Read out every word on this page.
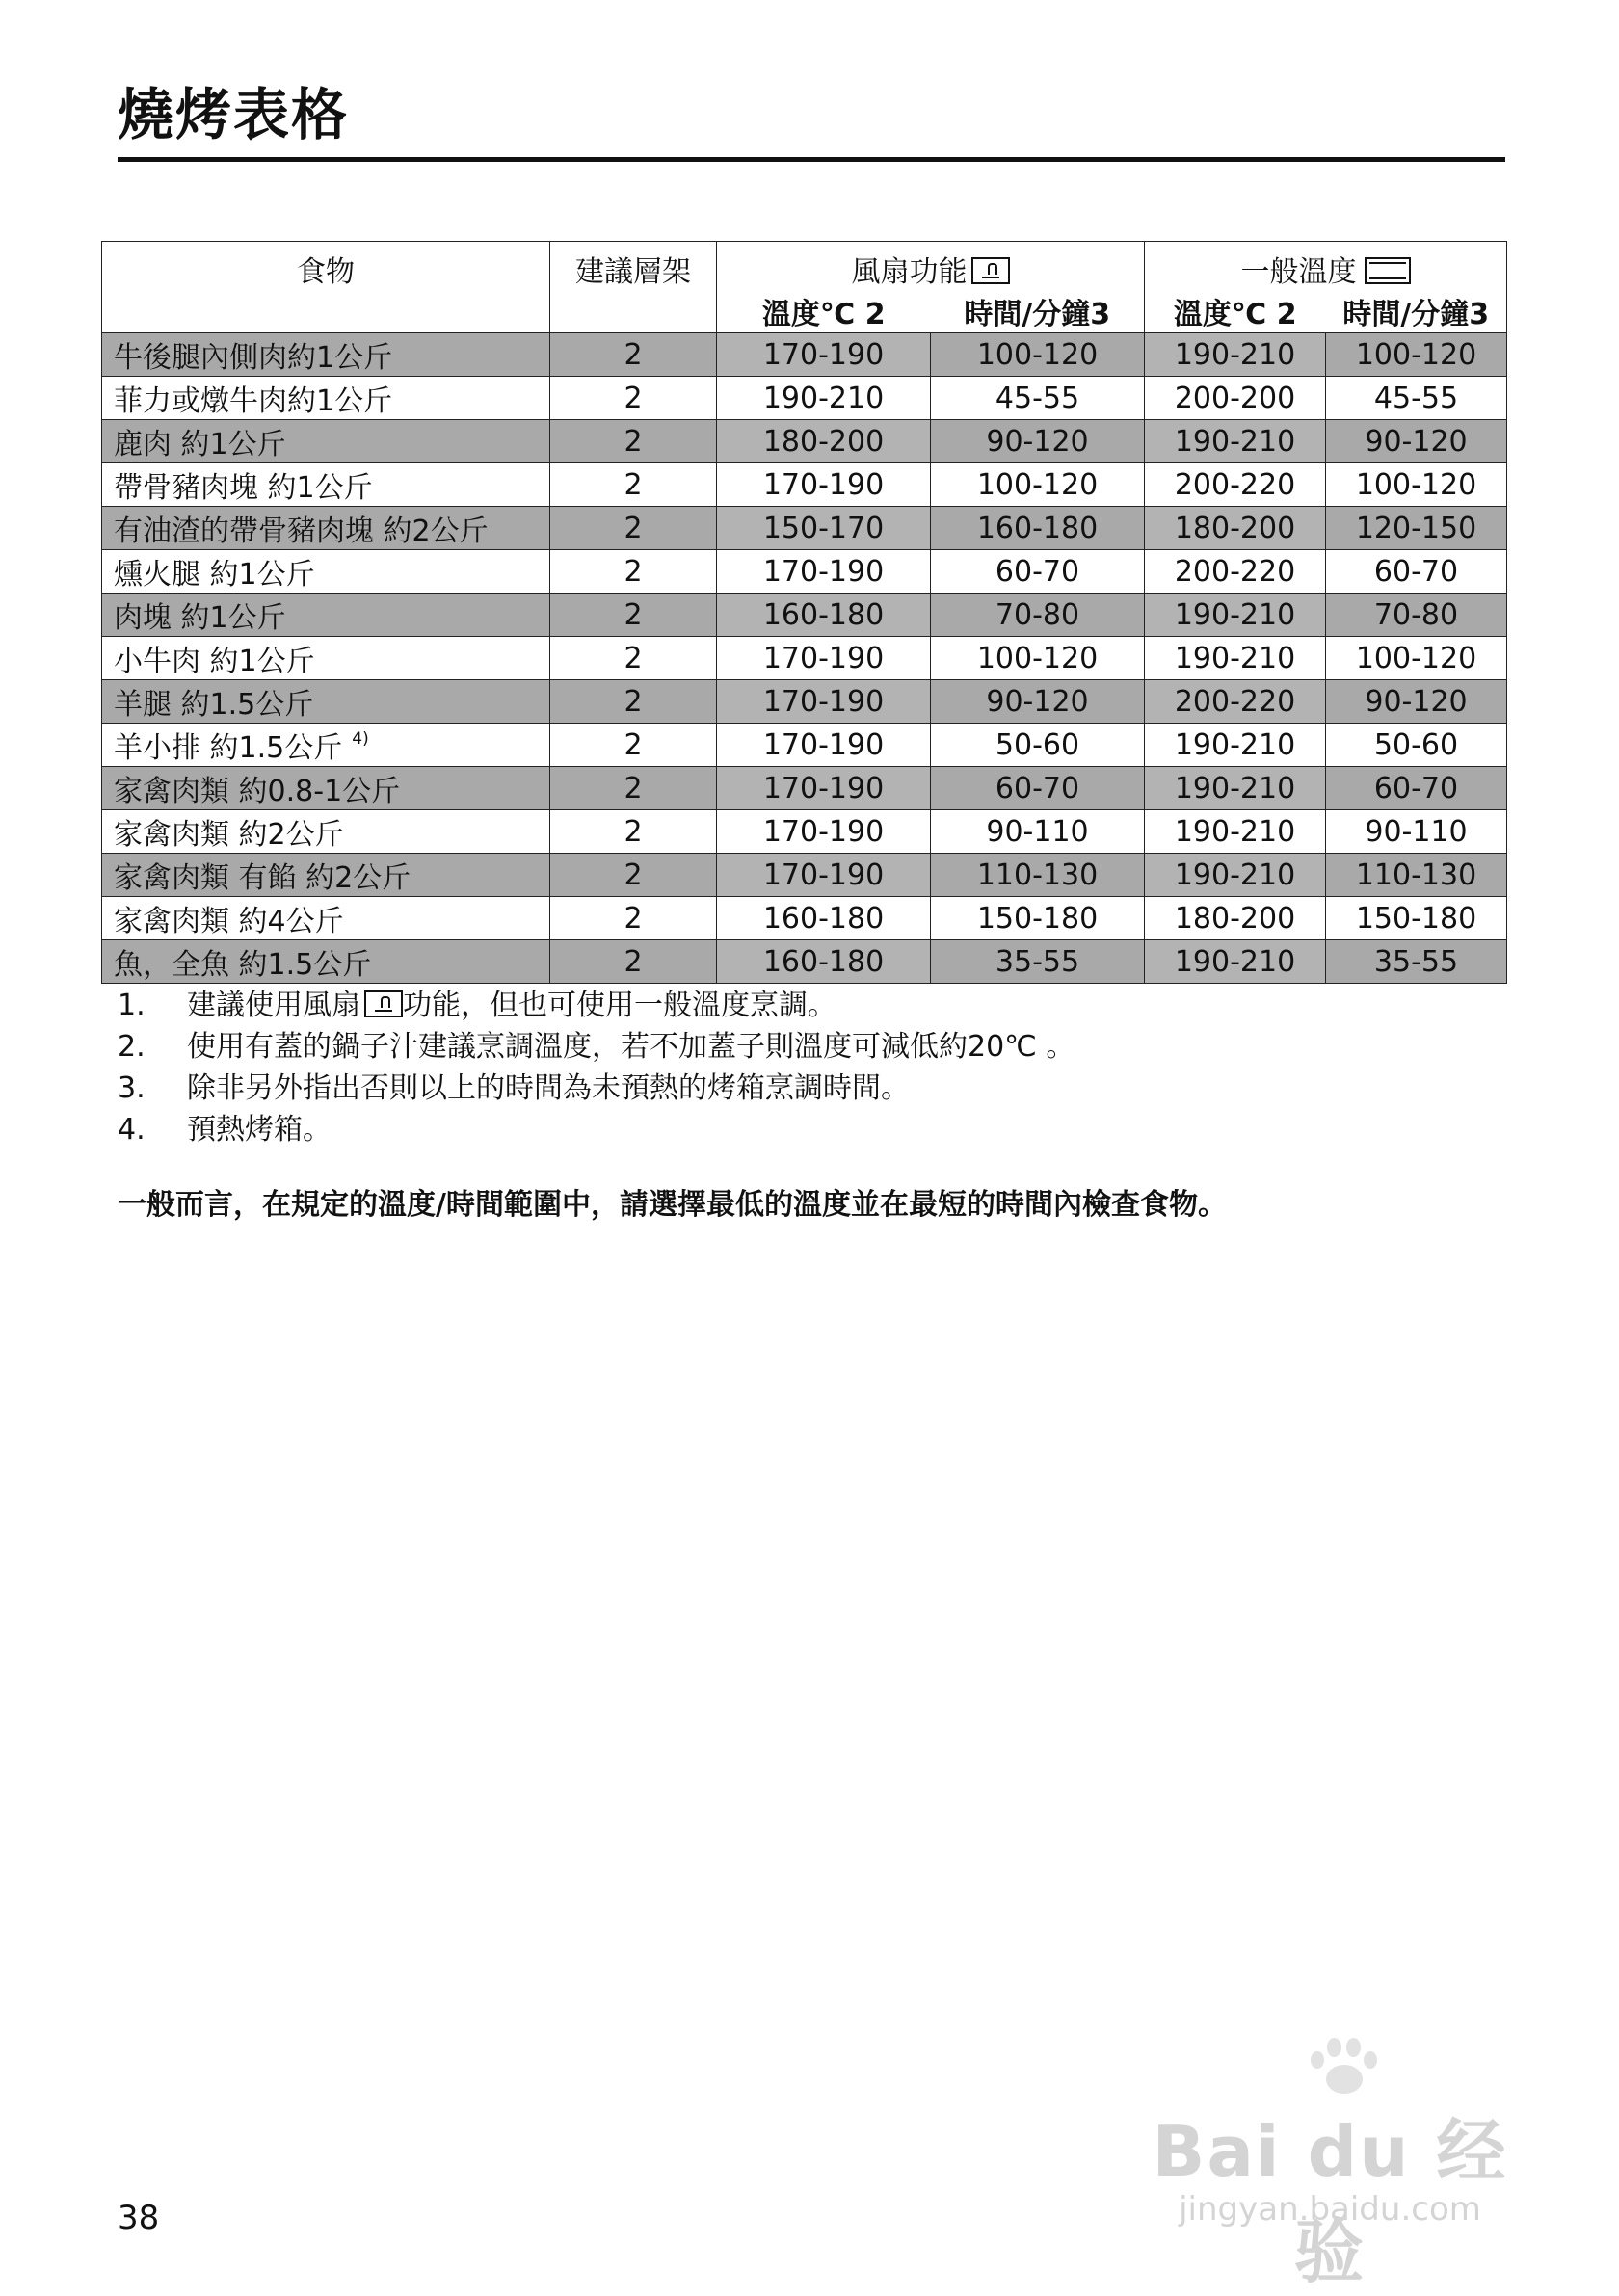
燒烤表格
食物	建議層架	風扇功能		一般溫度	
		溫度℃ 2	時間/分鐘3	溫度℃ 2	時間/分鐘3
牛後腿內側肉約1公斤	2	170-190	100-120	190-210	100-120
菲力或燉牛肉約1公斤	2	190-210	45-55	200-200	45-55
鹿肉 約1公斤	2	180-200	90-120	190-210	90-120
帶骨豬肉塊 約1公斤	2	170-190	100-120	200-220	100-120
有油渣的帶骨豬肉塊 約2公斤	2	150-170	160-180	180-200	120-150
燻火腿 約1公斤	2	170-190	60-70	200-220	60-70
肉塊 約1公斤	2	160-180	70-80	190-210	70-80
小牛肉 約1公斤	2	170-190	100-120	190-210	100-120
羊腿 約1.5公斤	2	170-190	90-120	200-220	90-120
羊小排 約1.5公斤 $^{4)}$	2	170-190	50-60	190-210	50-60
家禽肉類 約0.8-1公斤	2	170-190	60-70	190-210	60-70
家禽肉類 約2公斤	2	170-190	90-110	190-210	90-110
家禽肉類 有餡 約2公斤	2	170-190	110-130	190-210	110-130
家禽肉類 約4公斤	2	160-180	150-180	180-200	150-180
魚，全魚 約1.5公斤	2	160-180	35-55	190-210	35-55
1. 建議使用風扇 功能，但也可使用一般溫度烹調。
2. 使用有蓋的鍋子汁建議烹調溫度，若不加蓋子則溫度可減低約20℃ 。
3. 除非另外指出否則以上的時間為未預熱的烤箱烹調時間。
4. 預熱烤箱。
一般而言，在規定的溫度/時間範圍中，請選擇最低的溫度並在最短的時間內檢查食物。
38
Bai du 经验
jingyan.baidu.com
